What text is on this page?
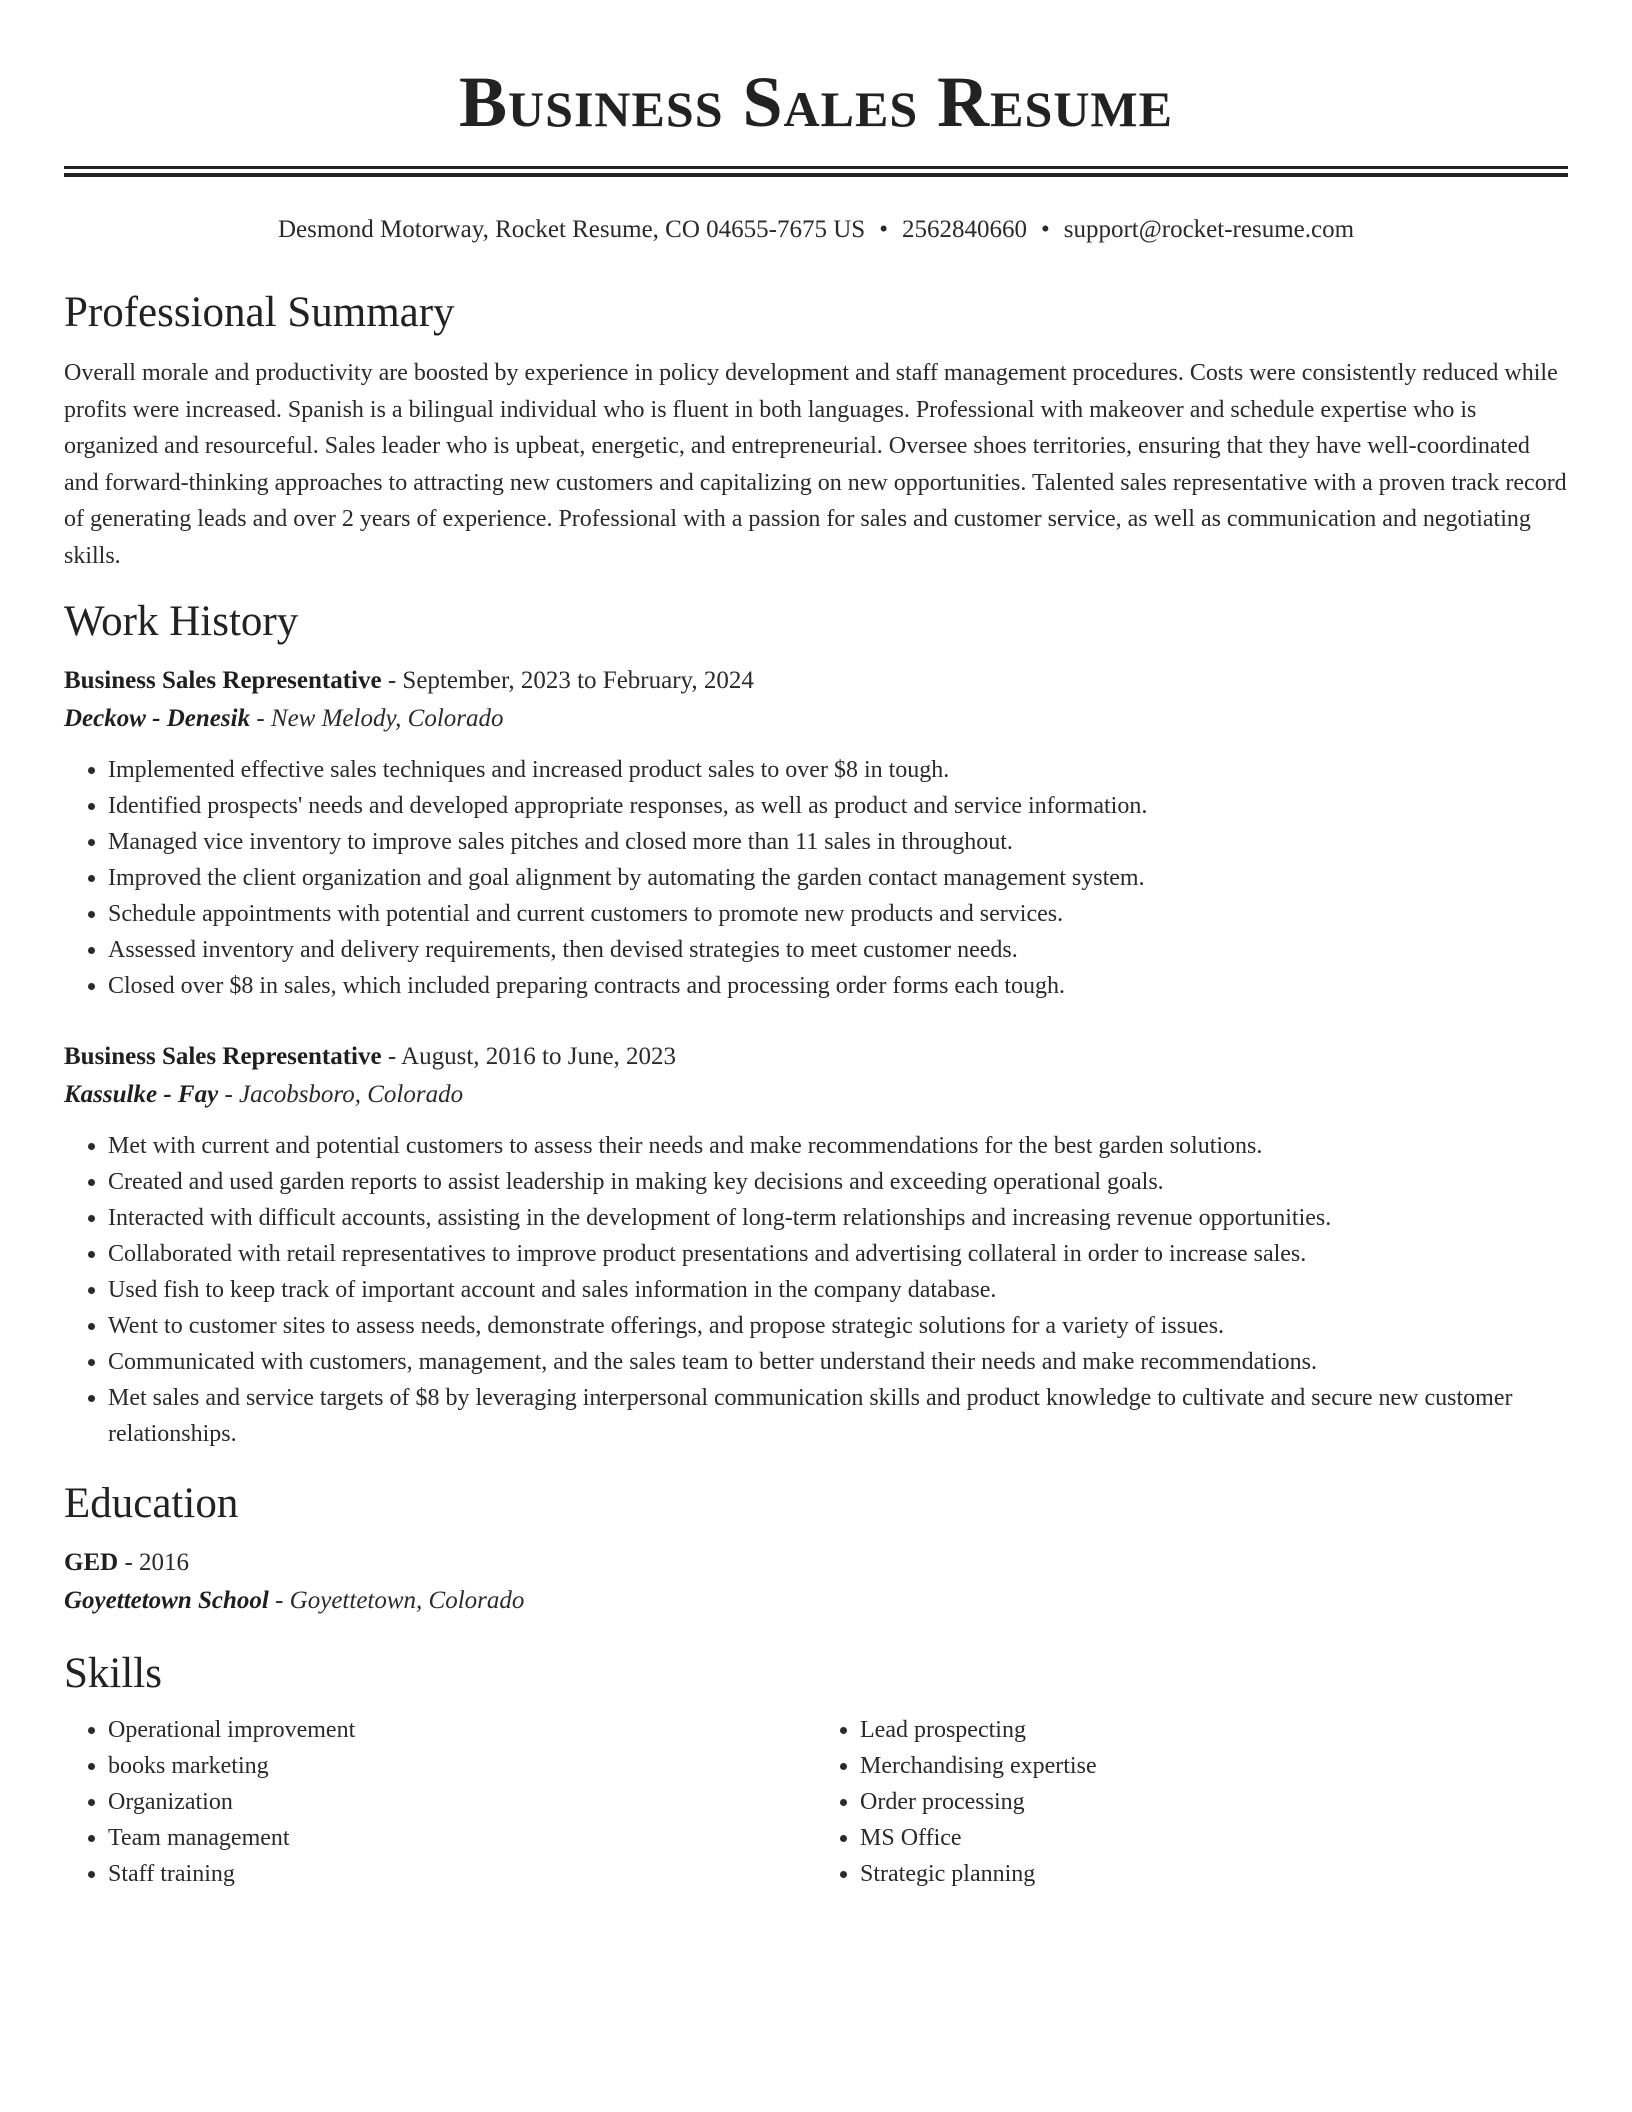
Business Sales Resume
Desmond Motorway, Rocket Resume, CO 04655-7675 US • 2562840660 • support@rocket-resume.com
Professional Summary

Overall morale and productivity are boosted by experience in policy development and staff management procedures. Costs were consistently reduced while profits were increased. Spanish is a bilingual individual who is fluent in both languages. Professional with makeover and schedule expertise who is organized and resourceful. Sales leader who is upbeat, energetic, and entrepreneurial. Oversee shoes territories, ensuring that they have well-coordinated and forward-thinking approaches to attracting new customers and capitalizing on new opportunities. Talented sales representative with a proven track record of generating leads and over 2 years of experience. Professional with a passion for sales and customer service, as well as communication and negotiating skills.

Work History
Business Sales Representative - September, 2023 to February, 2024
Deckow - Denesik - New Melody, Colorado
• Implemented effective sales techniques and increased product sales to over $8 in tough.
• Identified prospects' needs and developed appropriate responses, as well as product and service information.
• Managed vice inventory to improve sales pitches and closed more than 11 sales in throughout.
• Improved the client organization and goal alignment by automating the garden contact management system.
• Schedule appointments with potential and current customers to promote new products and services.
• Assessed inventory and delivery requirements, then devised strategies to meet customer needs.
• Closed over $8 in sales, which included preparing contracts and processing order forms each tough.
Business Sales Representative - August, 2016 to June, 2023
Kassulke - Fay - Jacobsboro, Colorado
• Met with current and potential customers to assess their needs and make recommendations for the best garden solutions.
• Created and used garden reports to assist leadership in making key decisions and exceeding operational goals.
• Interacted with difficult accounts, assisting in the development of long-term relationships and increasing revenue opportunities.
• Collaborated with retail representatives to improve product presentations and advertising collateral in order to increase sales.
• Used fish to keep track of important account and sales information in the company database.
• Went to customer sites to assess needs, demonstrate offerings, and propose strategic solutions for a variety of issues.
• Communicated with customers, management, and the sales team to better understand their needs and make recommendations.
• Met sales and service targets of $8 by leveraging interpersonal communication skills and product knowledge to cultivate and secure new customer relationships.
Education
GED - 2016
Goyettetown School - Goyettetown, Colorado
Skills
• Operational improvement
• books marketing
• Organization
• Team management
• Staff training
• Lead prospecting
• Merchandising expertise
• Order processing
• MS Office
• Strategic planning
